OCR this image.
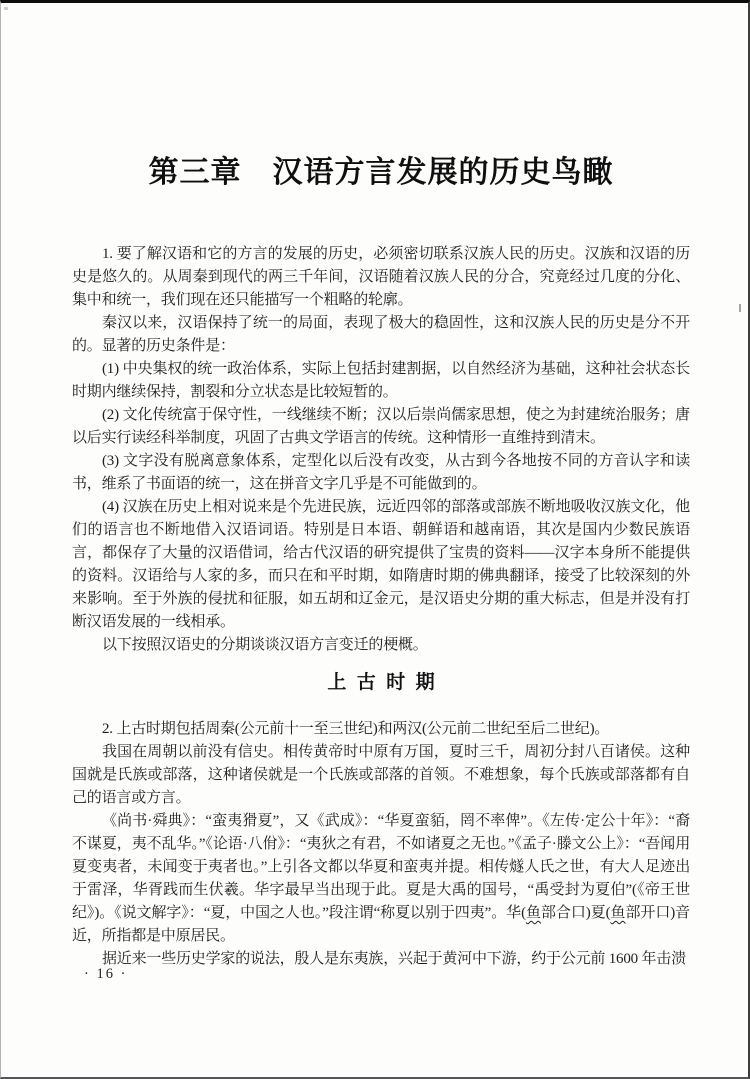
第三章　汉语方言发展的历史鸟瞰

1. 要了解汉语和它的方言的发展的历史，必须密切联系汉族人民的历史。汉族和汉语的历史是悠久的。从周秦到现代的两三千年间，汉语随着汉族人民的分合，究竟经过几度的分化、集中和统一，我们现在还只能描写一个粗略的轮廓。

秦汉以来，汉语保持了统一的局面，表现了极大的稳固性，这和汉族人民的历史是分不开的。显著的历史条件是：

(1) 中央集权的统一政治体系，实际上包括封建割据，以自然经济为基础，这种社会状态长时期内继续保持，割裂和分立状态是比较短暂的。

(2) 文化传统富于保守性，一线继续不断；汉以后崇尚儒家思想，使之为封建统治服务；唐以后实行读经科举制度，巩固了古典文学语言的传统。这种情形一直维持到清末。

(3) 文字没有脱离意象体系，定型化以后没有改变，从古到今各地按不同的方音认字和读书，维系了书面语的统一，这在拼音文字几乎是不可能做到的。

(4) 汉族在历史上相对说来是个先进民族，远近四邻的部落或部族不断地吸收汉族文化，他们的语言也不断地借入汉语词语。特别是日本语、朝鲜语和越南语，其次是国内少数民族语言，都保存了大量的汉语借词，给古代汉语的研究提供了宝贵的资料——汉字本身所不能提供的资料。汉语给与人家的多，而只在和平时期，如隋唐时期的佛典翻译，接受了比较深刻的外来影响。至于外族的侵扰和征服，如五胡和辽金元，是汉语史分期的重大标志，但是并没有打断汉语发展的一线相承。

以下按照汉语史的分期谈谈汉语方言变迁的梗概。

上古时期

2. 上古时期包括周秦(公元前十一至三世纪)和两汉(公元前二世纪至后二世纪)。

我国在周朝以前没有信史。相传黄帝时中原有万国，夏时三千，周初分封八百诸侯。这种国就是氏族或部落，这种诸侯就是一个氏族或部落的首领。不难想象，每个氏族或部落都有自己的语言或方言。

《尚书·舜典》：“蛮夷猾夏”，又《武成》：“华夏蛮貊，罔不率俾”。《左传·定公十年》：“裔不谋夏，夷不乱华。”《论语·八佾》：“夷狄之有君，不如诸夏之无也。”《孟子·滕文公上》：“吾闻用夏变夷者，未闻变于夷者也。”上引各文都以华夏和蛮夷并提。相传燧人氏之世，有大人足迹出于雷泽，华胥践而生伏羲。华字最早当出现于此。夏是大禹的国号，“禹受封为夏伯”(《帝王世纪》)。《说文解字》：“夏，中国之人也。”段注谓“称夏以别于四夷”。华(鱼部合口)夏(鱼部开口)音近，所指都是中原居民。

据近来一些历史学家的说法，殷人是东夷族，兴起于黄河中下游，约于公元前 1600 年击溃

· 16 ·
